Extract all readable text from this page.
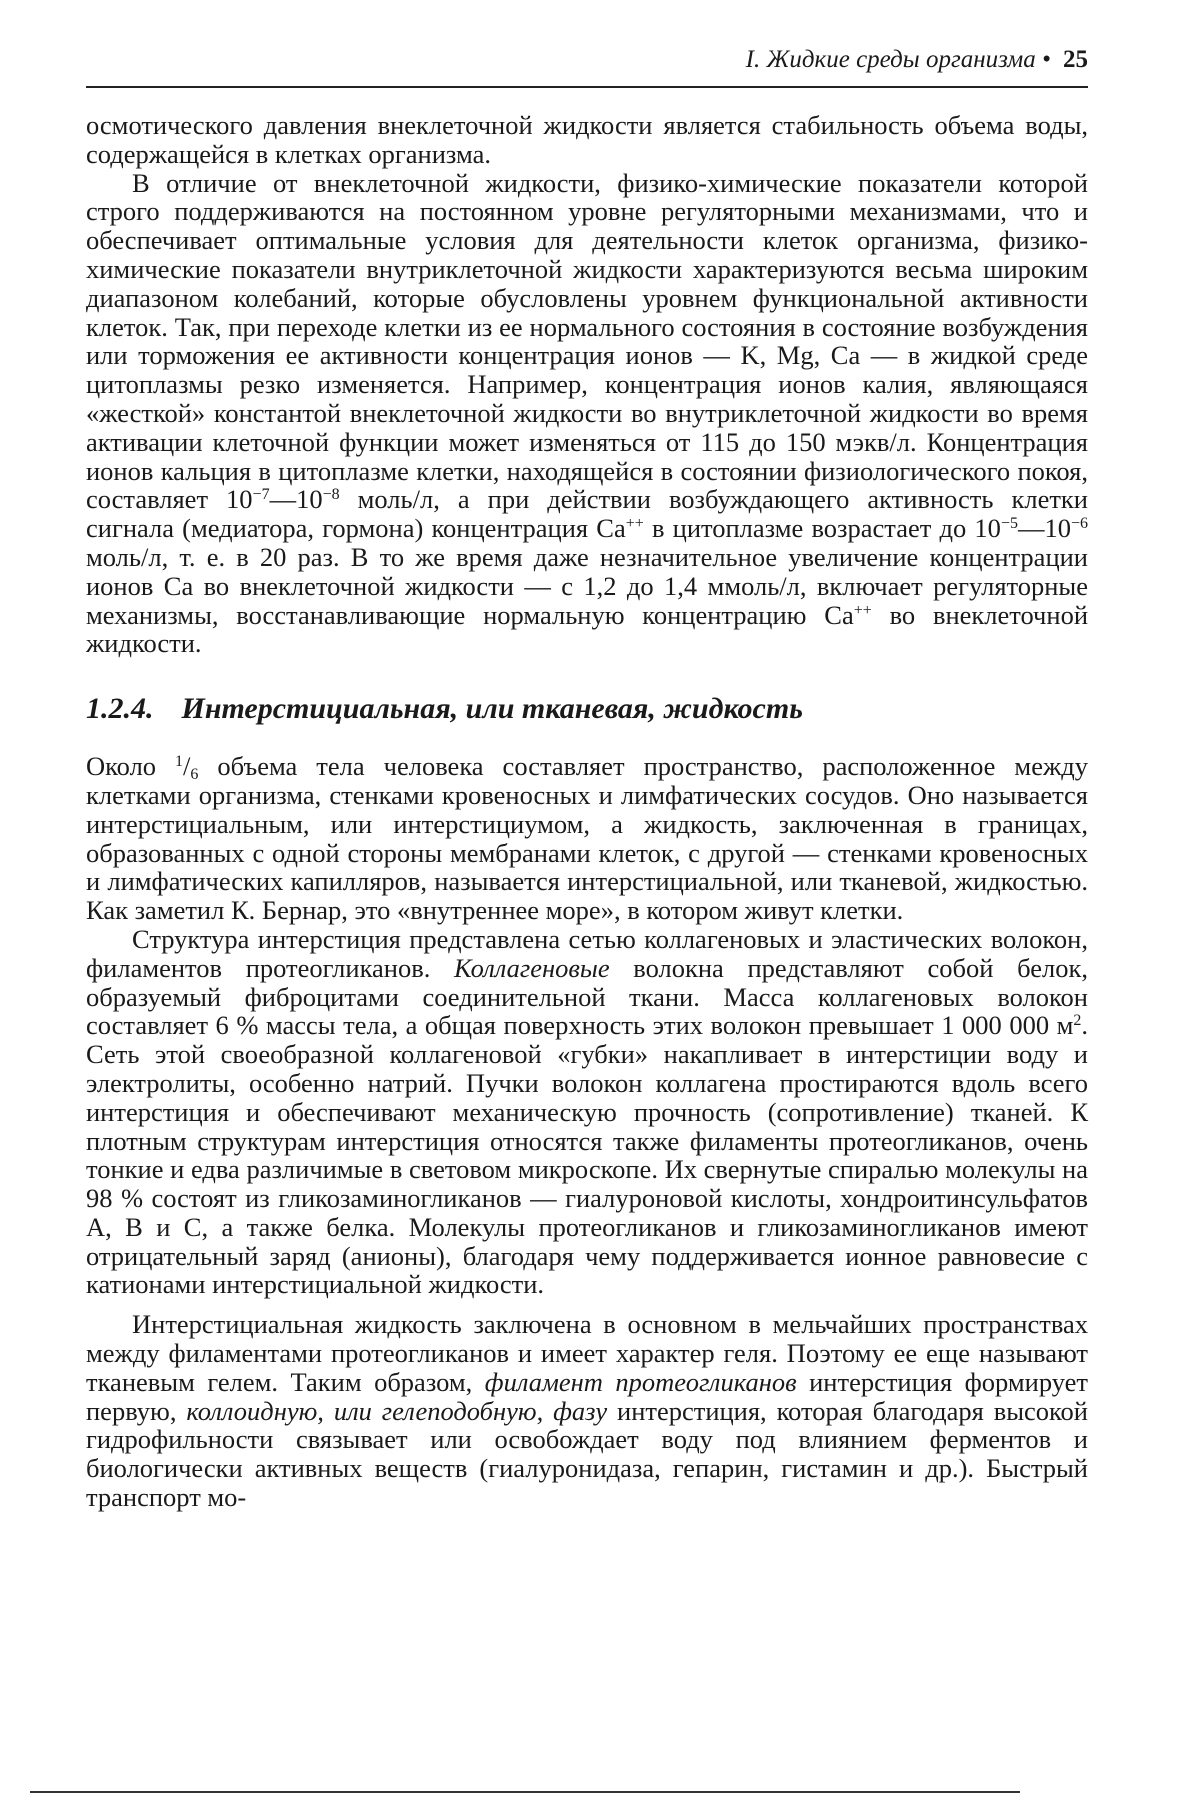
I. Жидкие среды организма • 25

осмотического давления внеклеточной жидкости является стабильность объема воды, содержащейся в клетках организма.

В отличие от внеклеточной жидкости, физико-химические показатели которой строго поддерживаются на постоянном уровне регуляторными механизмами, что и обеспечивает оптимальные условия для деятельности клеток организма, физико-химические показатели внутриклеточной жидкости характеризуются весьма широким диапазоном колебаний, которые обусловлены уровнем функциональной активности клеток. Так, при переходе клетки из ее нормального состояния в состояние возбуждения или торможения ее активности концентрация ионов — K, Mg, Ca — в жидкой среде цитоплазмы резко изменяется. Например, концентрация ионов калия, являющаяся «жесткой» константой внеклеточной жидкости во внутриклеточной жидкости во время активации клеточной функции может изменяться от 115 до 150 мэкв/л. Концентрация ионов кальция в цитоплазме клетки, находящейся в состоянии физиологического покоя, составляет $10^{-7}—10^{-8}$ моль/л, а при действии возбуждающего активность клетки сигнала (медиатора, гормона) концентрация Ca++ в цитоплазме возрастает до $10^{-5}—10^{-6}$ моль/л, т. е. в 20 раз. В то же время даже незначительное увеличение концентрации ионов Ca во внеклеточной жидкости — с 1,2 до 1,4 ммоль/л, включает регуляторные механизмы, восстанавливающие нормальную концентрацию Ca++ во внеклеточной жидкости.

1.2.4. Интерстициальная, или тканевая, жидкость

Около $^1/_6$ объема тела человека составляет пространство, расположенное между клетками организма, стенками кровеносных и лимфатических сосудов. Оно называется интерстициальным, или интерстициумом, а жидкость, заключенная в границах, образованных с одной стороны мембранами клеток, с другой — стенками кровеносных и лимфатических капилляров, называется интерстициальной, или тканевой, жидкостью. Как заметил К. Бернар, это «внутреннее море», в котором живут клетки.

Структура интерстиция представлена сетью коллагеновых и эластических волокон, филаментов протеогликанов. Коллагеновые волокна представляют собой белок, образуемый фиброцитами соединительной ткани. Масса коллагеновых волокон составляет 6 % массы тела, а общая поверхность этих волокон превышает 1 000 000 $м^2$. Сеть этой своеобразной коллагеновой «губки» накапливает в интерстиции воду и электролиты, особенно натрий. Пучки волокон коллагена простираются вдоль всего интерстиция и обеспечивают механическую прочность (сопротивление) тканей. К плотным структурам интерстиция относятся также филаменты протеогликанов, очень тонкие и едва различимые в световом микроскопе. Их свернутые спиралью молекулы на 98 % состоят из гликозаминогликанов — гиалуроновой кислоты, хондроитинсульфатов А, В и С, а также белка. Молекулы протеогликанов и гликозаминогликанов имеют отрицательный заряд (анионы), благодаря чему поддерживается ионное равновесие с катионами интерстициальной жидкости.

Интерстициальная жидкость заключена в основном в мельчайших пространствах между филаментами протеогликанов и имеет характер геля. Поэтому ее еще называют тканевым гелем. Таким образом, филамент протеогликанов интерстиция формирует первую, коллоидную, или гелеподобную, фазу интерстиция, которая благодаря высокой гидрофильности связывает или освобождает воду под влиянием ферментов и биологически активных веществ (гиалуронидаза, гепарин, гистамин и др.). Быстрый транспорт мо-
